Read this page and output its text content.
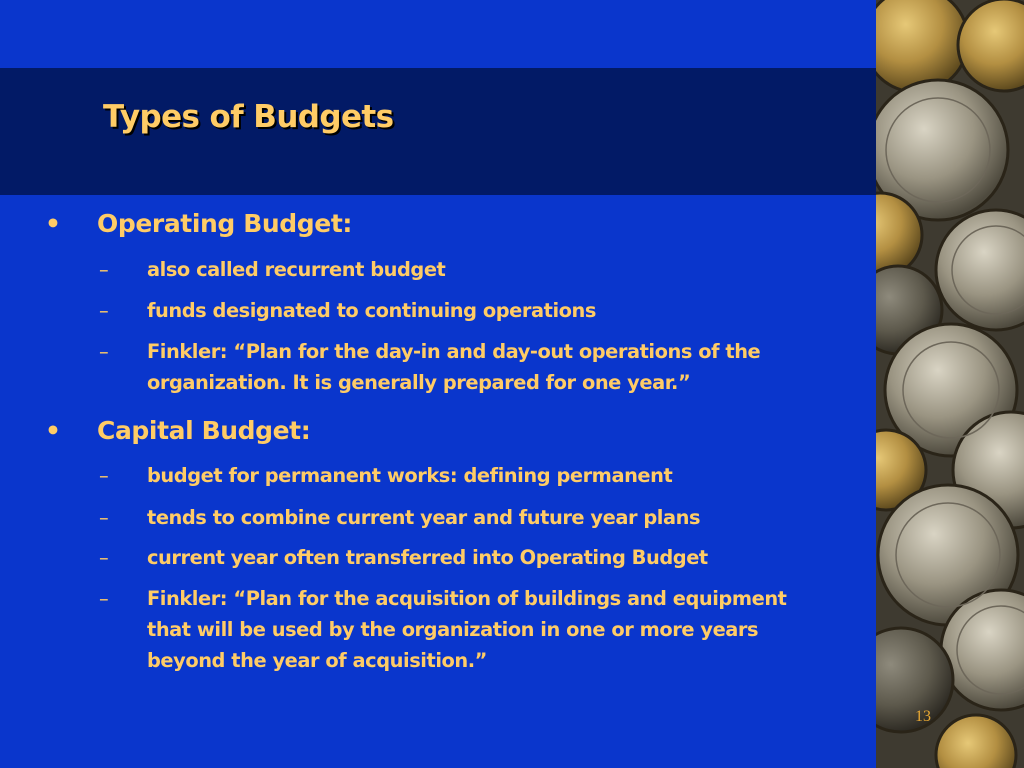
Types of Budgets
• Operating Budget:
– also called recurrent budget
– funds designated to continuing operations
– Finkler: “Plan for the day-in and day-out operations of the
organization. It is generally prepared for one year.”
• Capital Budget:
– budget for permanent works: defining permanent
– tends to combine current year and future year plans
– current year often transferred into Operating Budget
– Finkler: “Plan for the acquisition of buildings and equipment
that will be used by the organization in one or more years
beyond the year of acquisition.”
13
